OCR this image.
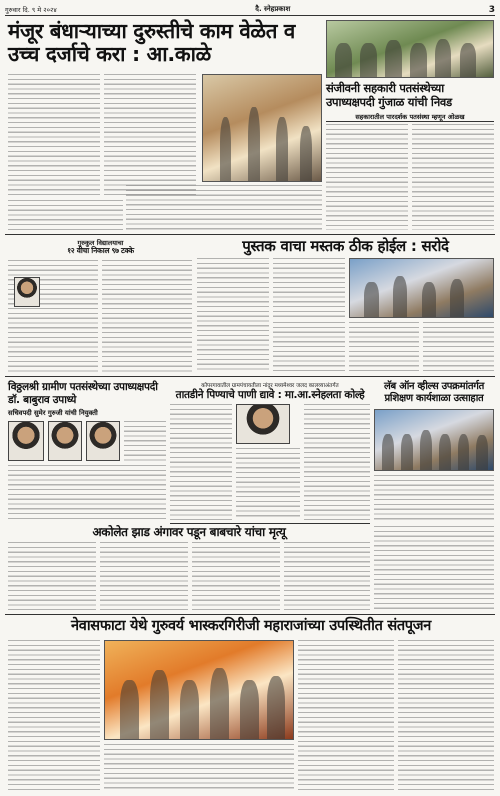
गुरुवार दि. ९ मे २०२४	दै. स्नेहप्रकाश	3
मंजूर बंधाऱ्याच्या दुरुस्तीचे काम वेळेत व उच्च दर्जाचे करा : आ.काळे
संजीवनी सहकारी पतसंस्थेच्या उपाध्यक्षपदी गुंजाळ यांची निवड
सहकारातील पारदर्शक पतसंस्था म्हणून ओळख
गुरुकुल विद्यालयाचा
१२ वीचा निकाल ९७ टक्के	पुस्तक वाचा मस्तक ठीक होईल : सरोदे
विठ्ठलश्री ग्रामीण पतसंस्थेच्या उपाध्यक्षपदी डॉ. बाबुराव उपाध्ये
सचिवपदी सुमेर गुरुजी यांची नियुक्ती
कोपरगावातील ग्रामपंचायतीला नांदूर मध्यमेश्वर जलद कालव्याअंतर्गत
तातडीने पिण्याचे पाणी द्यावे : मा.आ.स्नेहलता कोल्हे
लॅब ऑन व्हील्स उपक्रमांतर्गत प्रशिक्षण कार्यशाळा उत्साहात
अकोलेत झाड अंगावर पडून बाबचारे यांचा मृत्यू
नेवासफाटा येथे गुरुवर्य भास्करगिरीजी महाराजांच्या उपस्थितीत संतपूजन
